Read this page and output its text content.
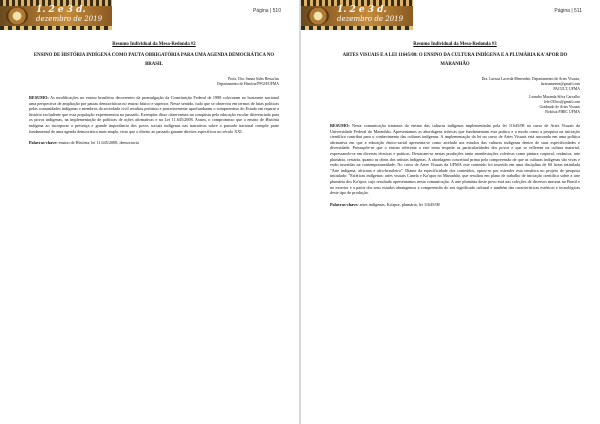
1. 2 e 3 d.
dezembro de 2019
Página | 510
Resumo Individual da Mesa-Redonda #2
ENSINO DE HISTÓRIA INDÍGENA COMO PAUTA OBRIGATÓRIA PARA UMA AGENDA DEMOCRÁTICA NO BRASIL
Profa. Dra. Sanna Sales Bessa/ias
Departamento de História/PPGH/UFMA

RESUMO: As modificações no ensino brasileiro decorrentes da promulgação da Constituição Federal de 1988 colocaram no horizonte nacional uma perspectiva de ampliação por pautas democráticas no ensino básico e superior. Nesse sentido, tudo que se observou em termos de lutas políticas pelas comunidades indígenas e membros da sociedade civil resultou próximo e posteriormente aprofundaram o compromisso do Estado em reparar a história excludente que essa população experimentou no passado. Exemplos disso observamos na conquista pela educação escolar diferenciada para os povos indígenas, na implementação de políticas de ações afirmativas e na Lei 11.645/2008. Assim, o compromisso que o ensino de História indígena ao incorporar a presença e grande importância dos povos sociais indígenas nas narrativas sobre o passado nacional compõe parte fundamental de uma agenda democrática mais ampla, visto que o direito ao passado garante direitos específicos no século XXI.

Palavras-chave: ensino de História, lei 11.645/2008, democracia

1. 2 e 3 d.
dezembro de 2019
Página | 511
Resumo Individual da Mesa-Redonda #3
ARTES VISUAIS E A LEI 11645/08: O ENSINO DA CULTURA INDÍGENA E A PLUMÁRIA KA'APOR DO MARANHÃO
Dra. Larissa Lacerda Menendez, Departamento de Artes Visuais,
larissamenez@gmail.com
PACULT, UFMA
Leandro Maranda Silva Carvalho
lele.035rio@gmail.com
Graduado de Artes Visuais
Bolsista PIBIC UFMA

RESUMO: Nesta comunicação tratamos do ensino das culturas indígenas implementadas pela lei 11645/08 no curso de Artes Visuais da Universidade Federal do Maranhão. Apresentamos as abordagens teóricas que fundamentam esta prática e o modo como a pesquisa na iniciação científica contribui para o conhecimento das culturas indígenas. A implementação da lei no curso de Artes Visuais está ancorada em uma política afirmativa em que a educação étnico-racial apresenta-se como atrelada aos estudos das culturas indígenas dentro de suas especificidades e diversidade. Pressupõe-se que o ensino referente a este tema respeite as particularidades dos povos e que se reflerem na cultura material, expressando-se em diversas técnicas e práticas. Destacam-se nestas produções tanto manifestações coletivas como pintura corporal, cerâmica, arte plumária, cestaria, quanto as obras dos artistas indígenas. A abordagem conceitual prima pela compreensão de que as culturas indígenas são vivas e estão inseridas na contemporaneidade. No curso de Artes Visuais da UFMA este conteúdo foi inserido em uma disciplina de 60 horas intitulada "Arte indígena, africana e afro-brasileira". Diante da especificidade dos conteúdos, optou-se por estender esta temática no projeto de pesquisa intitulado: "Estéticas indígenas: artes visuais Canela e Ka'apor no Maranhão, que resultou em plano de trabalho de iniciação científica sobre a arte plumária dos Ka'apor, cujo resultado apresentamos nesta comunicação. A arte plumária deste povo está nas coleções de diversos museus no Brasil e no exterior e a partir dos seus estudos abrangemos a compreensão do seu significado cultural e também das características estéticas e tecnológicas deste tipo de produção.

Palavras-chave: artes indígenas, Ka'apor, plumária, lei 11645/08
